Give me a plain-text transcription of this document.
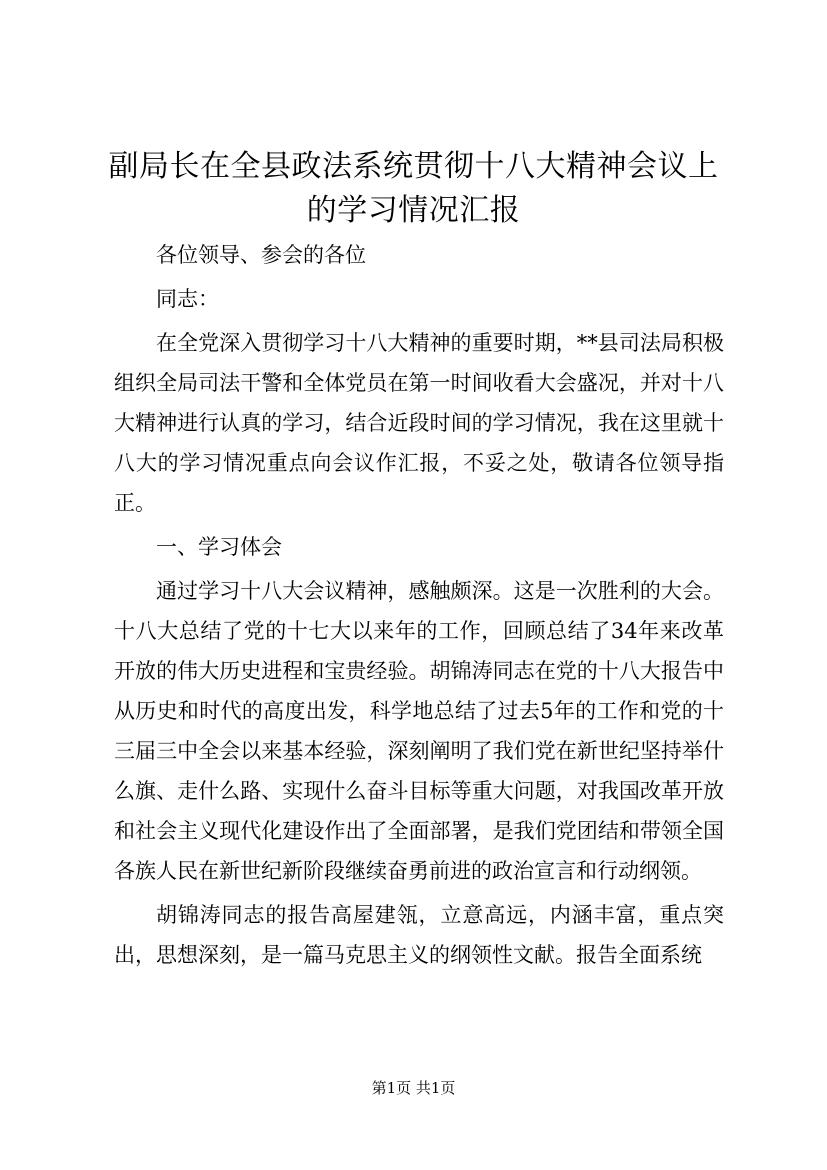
副局长在全县政法系统贯彻十八大精神会议上的学习情况汇报

各位领导、参会的各位

同志：

在全党深入贯彻学习十八大精神的重要时期，**县司法局积极组织全局司法干警和全体党员在第一时间收看大会盛况，并对十八大精神进行认真的学习，结合近段时间的学习情况，我在这里就十八大的学习情况重点向会议作汇报，不妥之处，敬请各位领导指正。

一、学习体会

通过学习十八大会议精神，感触颇深。这是一次胜利的大会。十八大总结了党的十七大以来年的工作，回顾总结了34年来改革开放的伟大历史进程和宝贵经验。胡锦涛同志在党的十八大报告中从历史和时代的高度出发，科学地总结了过去5年的工作和党的十三届三中全会以来基本经验，深刻阐明了我们党在新世纪坚持举什么旗、走什么路、实现什么奋斗目标等重大问题，对我国改革开放和社会主义现代化建设作出了全面部署，是我们党团结和带领全国各族人民在新世纪新阶段继续奋勇前进的政治宣言和行动纲领。

胡锦涛同志的报告高屋建瓴，立意高远，内涵丰富，重点突出，思想深刻，是一篇马克思主义的纲领性文献。报告全面系统

第1页 共1页
